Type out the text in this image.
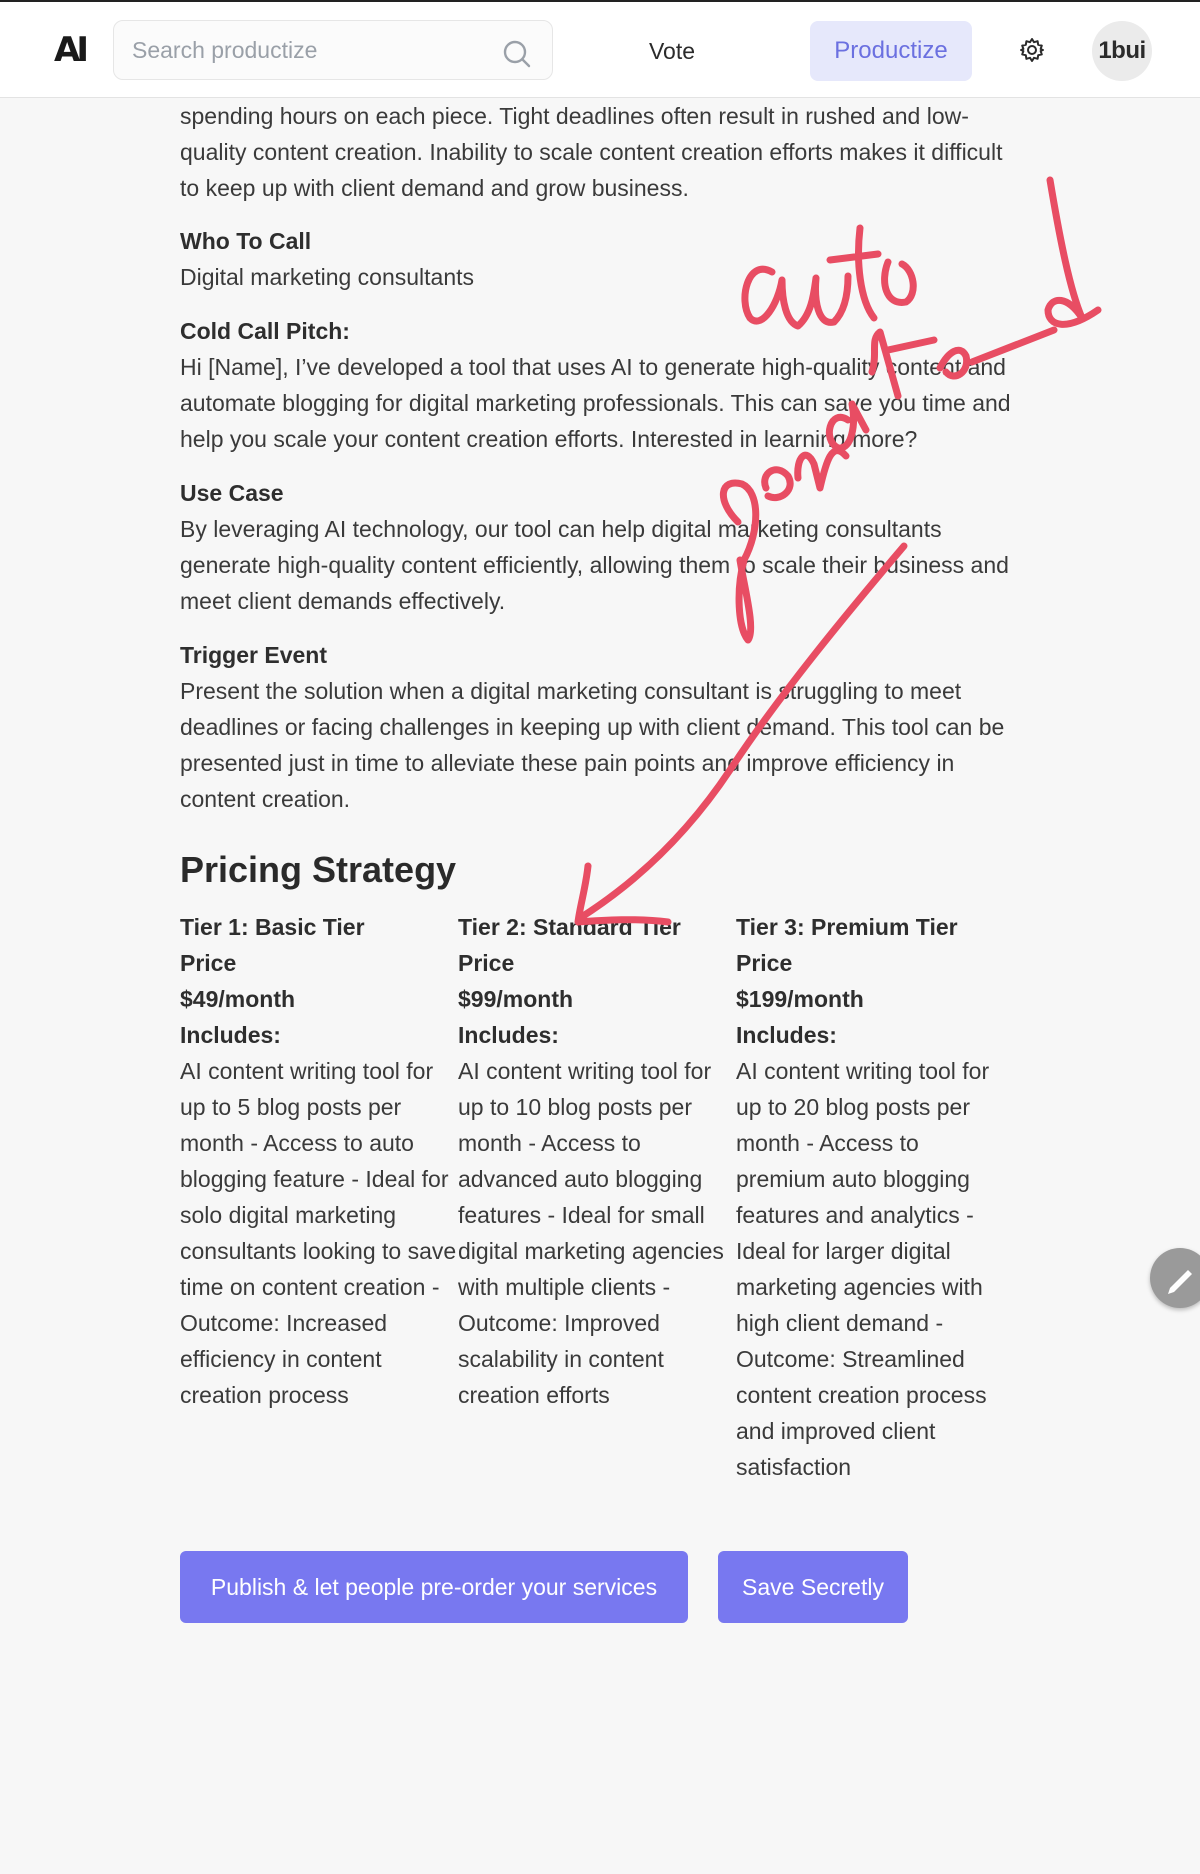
AI
Search productize	Vote	Productize	1bui

spending hours on each piece. Tight deadlines often result in rushed and low-quality content creation. Inability to scale content creation efforts makes it difficult to keep up with client demand and grow business.

Who To Call

Digital marketing consultants

Cold Call Pitch:

Hi [Name], I’ve developed a tool that uses AI to generate high-quality content and automate blogging for digital marketing professionals. This can save you time and help you scale your content creation efforts. Interested in learning more?

Use Case

By leveraging AI technology, our tool can help digital marketing consultants generate high-quality content efficiently, allowing them to scale their business and meet client demands effectively.

Trigger Event

Present the solution when a digital marketing consultant is struggling to meet deadlines or facing challenges in keeping up with client demand. This tool can be presented just in time to alleviate these pain points and improve efficiency in content creation.

Pricing Strategy
Tier 1: Basic Tier
Price
$49/month
Includes:
AI content writing tool for up to 5 blog posts per month - Access to auto blogging feature - Ideal for solo digital marketing consultants looking to save time on content creation - Outcome: Increased efficiency in content creation process
Tier 2: Standard Tier
Price
$99/month
Includes:
AI content writing tool for up to 10 blog posts per month - Access to advanced auto blogging features - Ideal for small digital marketing agencies with multiple clients - Outcome: Improved scalability in content creation efforts
Tier 3: Premium Tier
Price
$199/month
Includes:
AI content writing tool for up to 20 blog posts per month - Access to premium auto blogging features and analytics - Ideal for larger digital marketing agencies with high client demand - Outcome: Streamlined content creation process and improved client satisfaction
Publish & let people pre-order your services	Save Secretly
